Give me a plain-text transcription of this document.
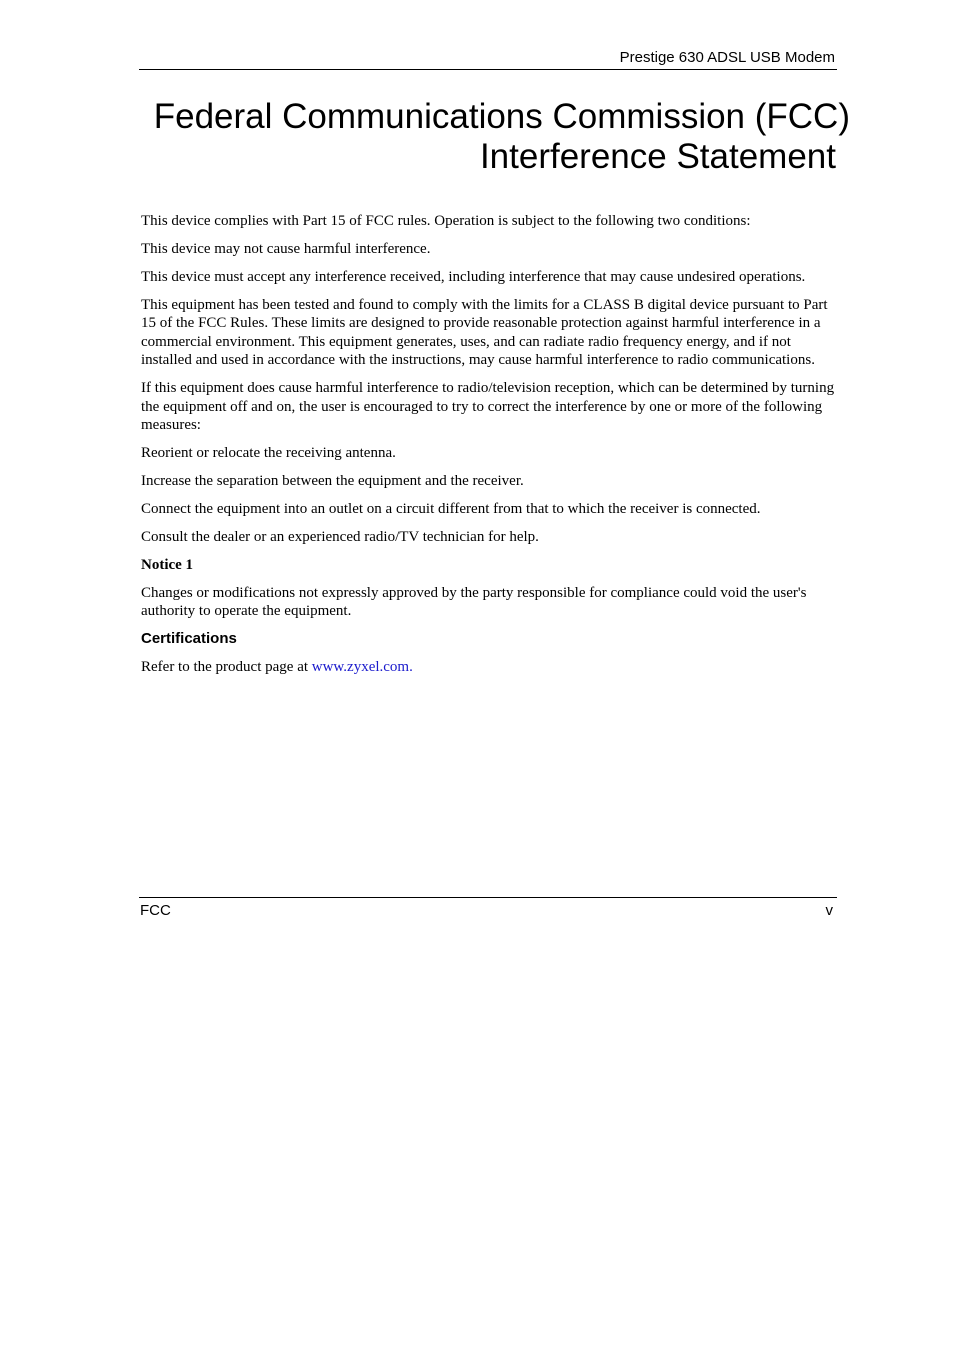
Prestige 630 ADSL USB Modem
Federal Communications Commission (FCC)
Interference Statement

This device complies with Part 15 of FCC rules. Operation is subject to the following two conditions:

This device may not cause harmful interference.

This device must accept any interference received, including interference that may cause undesired operations.

This equipment has been tested and found to comply with the limits for a CLASS B digital device pursuant to Part 15 of the FCC Rules. These limits are designed to provide reasonable protection against harmful interference in a commercial environment. This equipment generates, uses, and can radiate radio frequency energy, and if not installed and used in accordance with the instructions, may cause harmful interference to radio communications.

If this equipment does cause harmful interference to radio/television reception, which can be determined by turning the equipment off and on, the user is encouraged to try to correct the interference by one or more of the following measures:

Reorient or relocate the receiving antenna.

Increase the separation between the equipment and the receiver.

Connect the equipment into an outlet on a circuit different from that to which the receiver is connected.

Consult the dealer or an experienced radio/TV technician for help.

Notice 1

Changes or modifications not expressly approved by the party responsible for compliance could void the user's authority to operate the equipment.

Certifications

Refer to the product page at www.zyxel.com.

FCC	v
